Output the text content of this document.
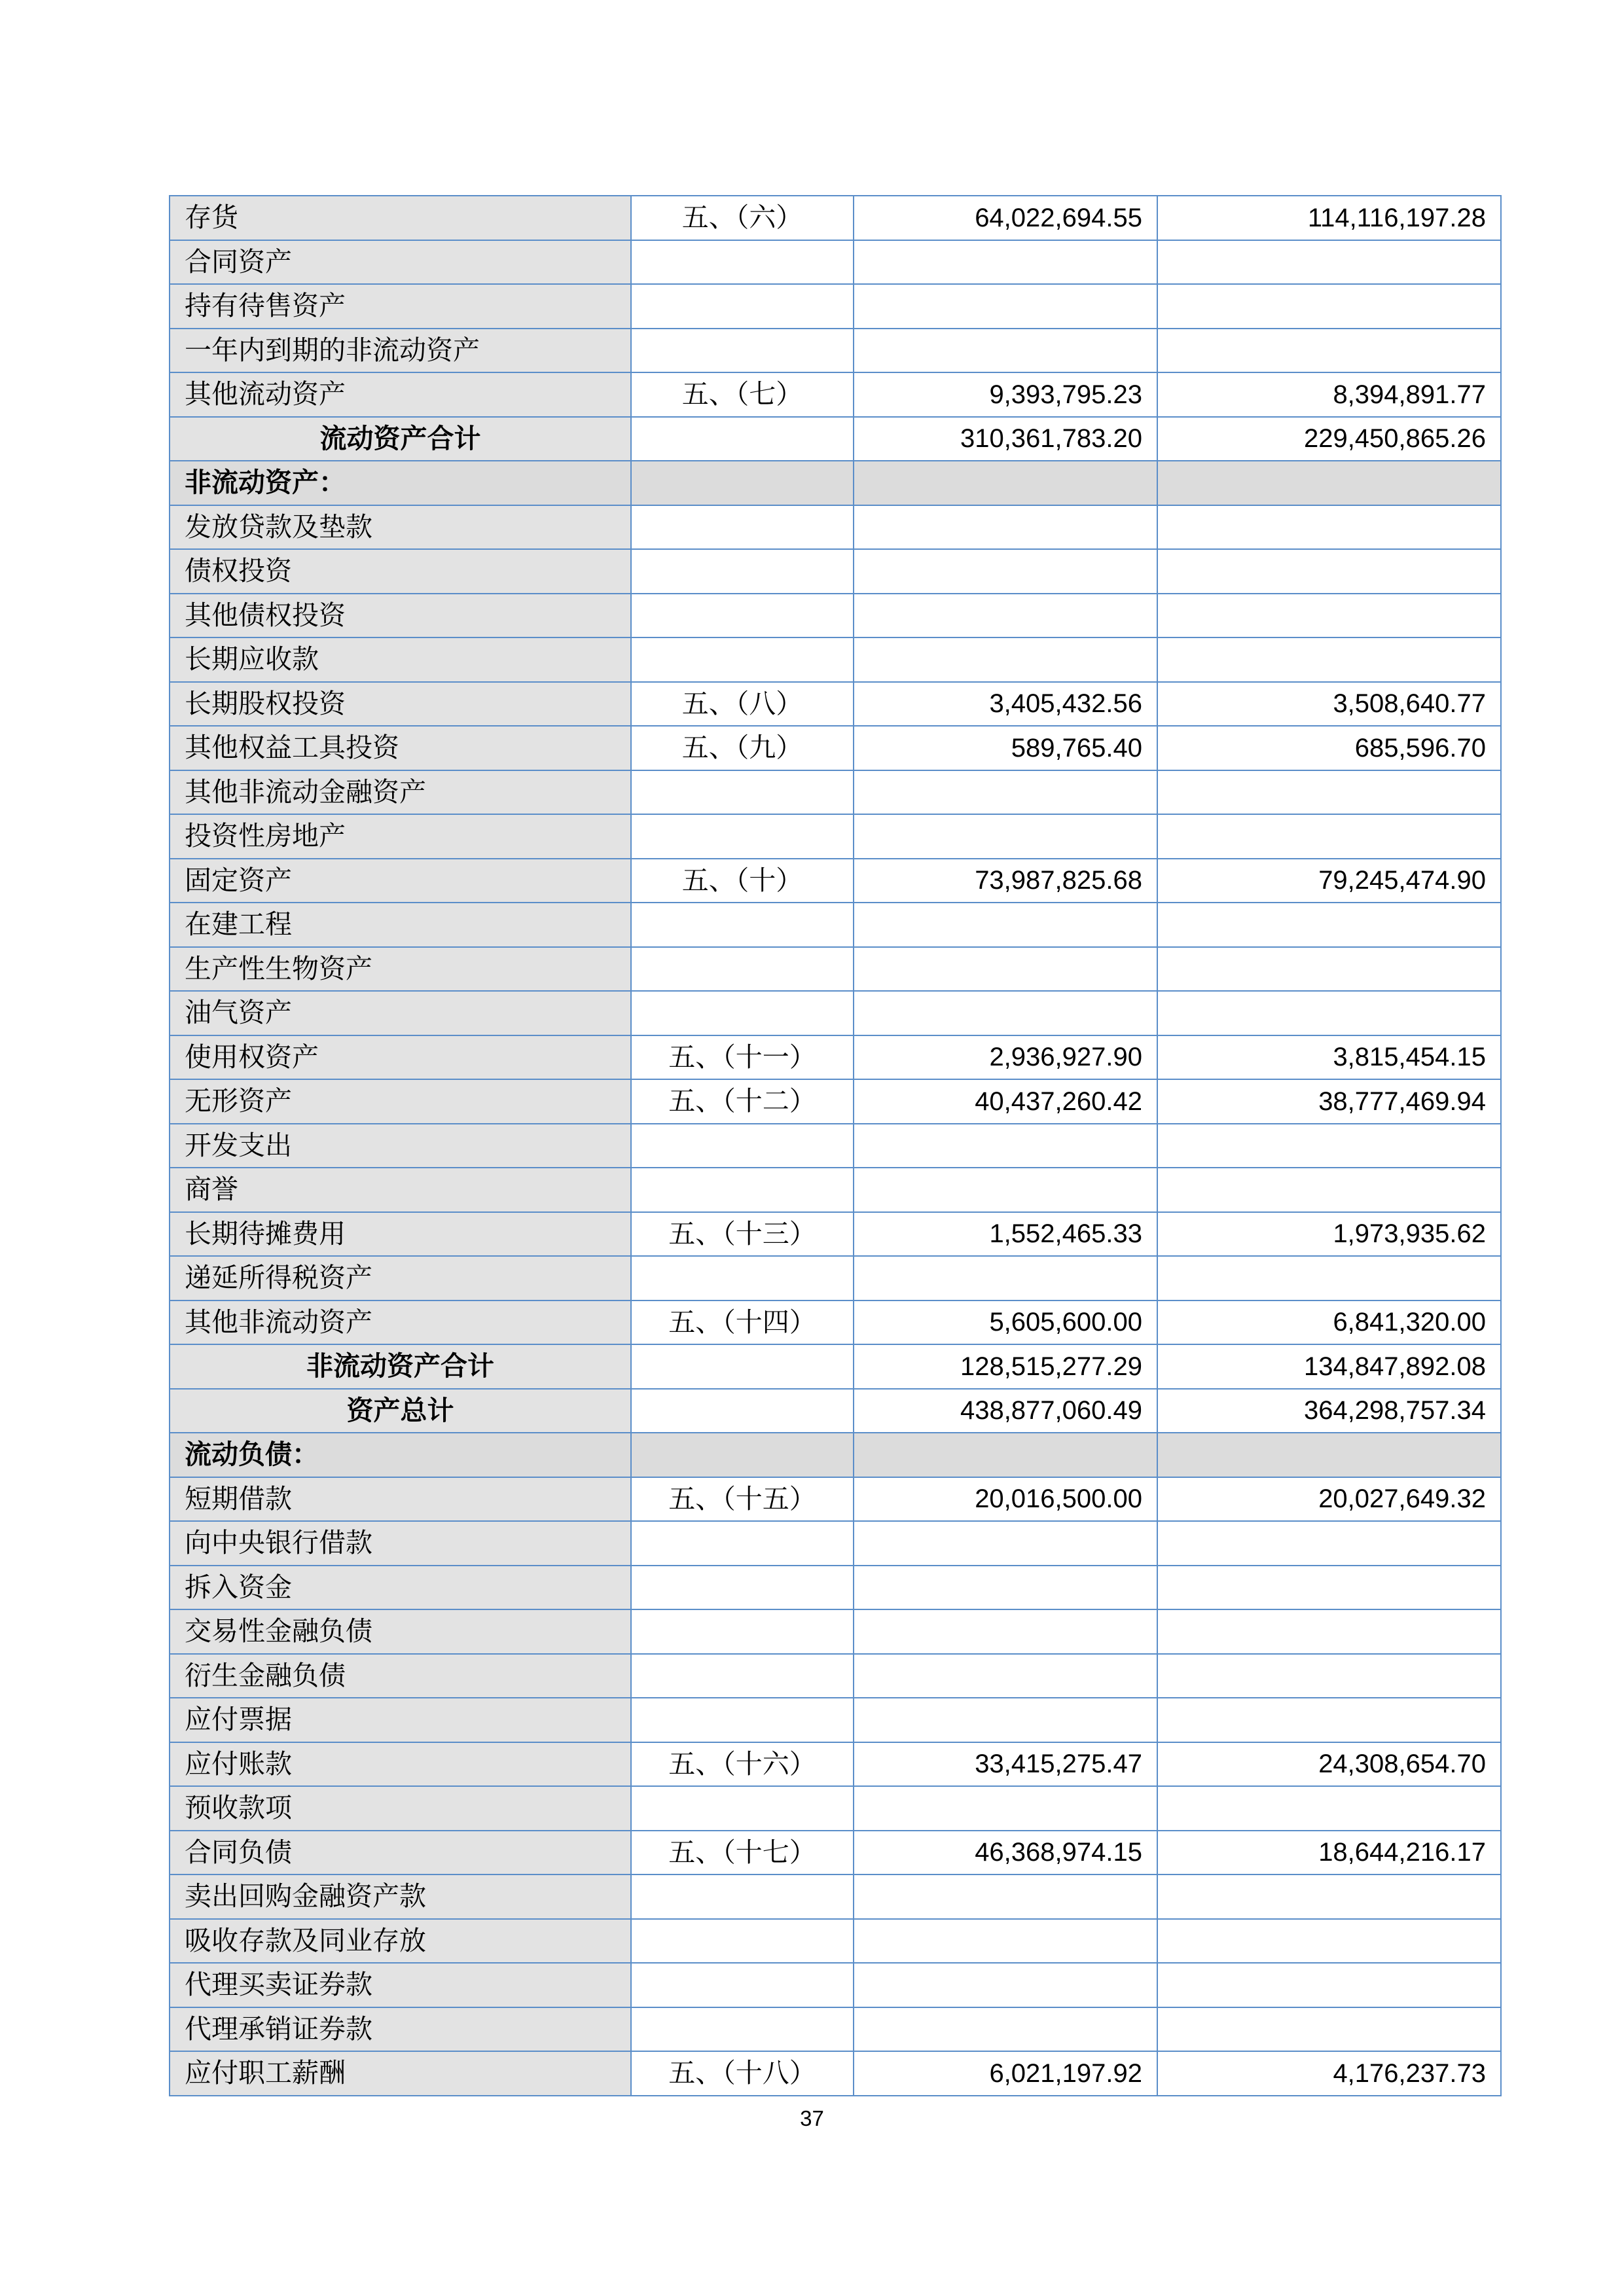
存货	五、（六）	64,022,694.55	114,116,197.28
合同资产			
持有待售资产			
一年内到期的非流动资产			
其他流动资产	五、（七）	9,393,795.23	8,394,891.77
流动资产合计		310,361,783.20	229,450,865.26
非流动资产：			
发放贷款及垫款			
债权投资			
其他债权投资			
长期应收款			
长期股权投资	五、（八）	3,405,432.56	3,508,640.77
其他权益工具投资	五、（九）	589,765.40	685,596.70
其他非流动金融资产			
投资性房地产			
固定资产	五、（十）	73,987,825.68	79,245,474.90
在建工程			
生产性生物资产			
油气资产			
使用权资产	五、（十一）	2,936,927.90	3,815,454.15
无形资产	五、（十二）	40,437,260.42	38,777,469.94
开发支出			
商誉			
长期待摊费用	五、（十三）	1,552,465.33	1,973,935.62
递延所得税资产			
其他非流动资产	五、（十四）	5,605,600.00	6,841,320.00
非流动资产合计		128,515,277.29	134,847,892.08
资产总计		438,877,060.49	364,298,757.34
流动负债：			
短期借款	五、（十五）	20,016,500.00	20,027,649.32
向中央银行借款			
拆入资金			
交易性金融负债			
衍生金融负债			
应付票据			
应付账款	五、（十六）	33,415,275.47	24,308,654.70
预收款项			
合同负债	五、（十七）	46,368,974.15	18,644,216.17
卖出回购金融资产款			
吸收存款及同业存放			
代理买卖证券款			
代理承销证券款			
应付职工薪酬	五、（十八）	6,021,197.92	4,176,237.73
37
